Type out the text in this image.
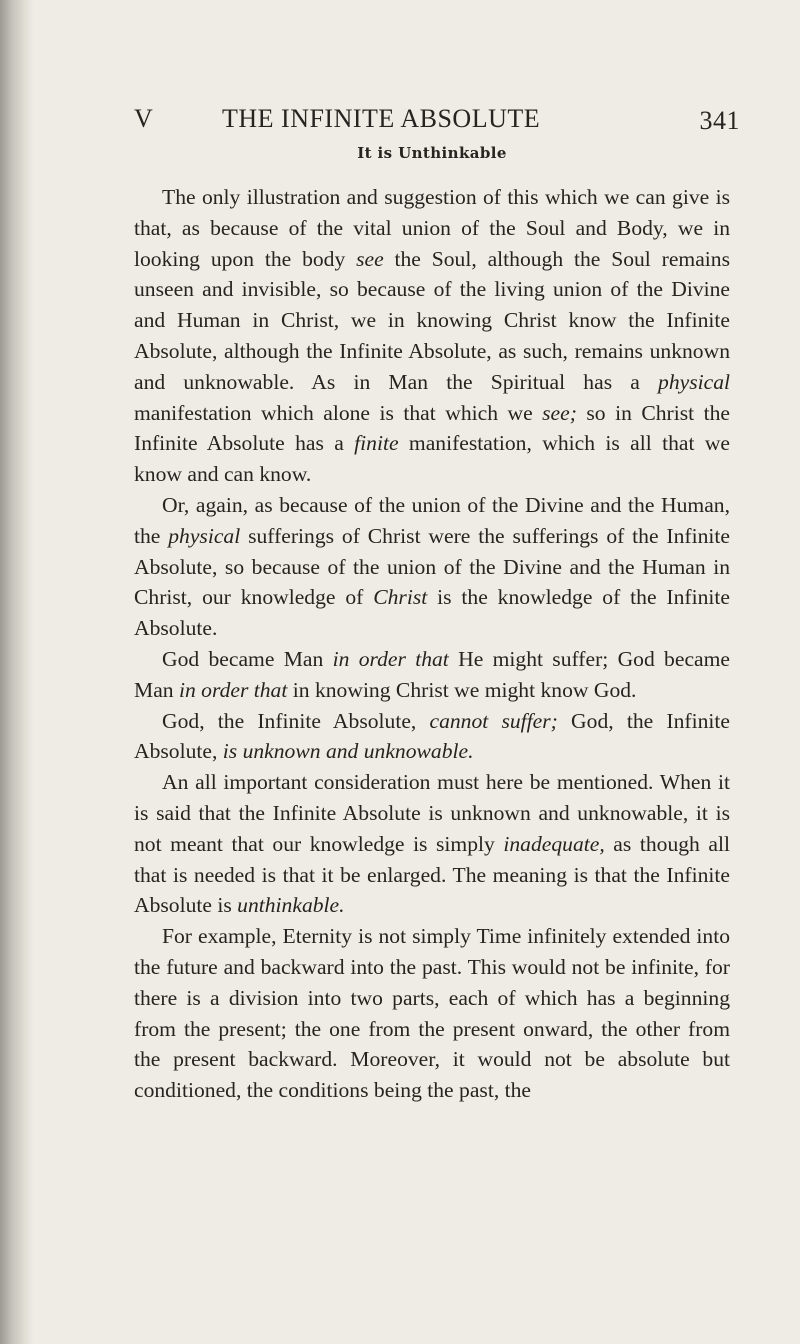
V	THE INFINITE ABSOLUTE	341
It is Unthinkable

The only illustration and suggestion of this which we can give is that, as because of the vital union of the Soul and Body, we in looking upon the body see the Soul, although the Soul remains unseen and invisible, so because of the living union of the Divine and Human in Christ, we in knowing Christ know the Infinite Absolute, although the Infinite Absolute, as such, remains unknown and unknowable. As in Man the Spiritual has a physical manifestation which alone is that which we see; so in Christ the Infinite Absolute has a finite manifestation, which is all that we know and can know.

Or, again, as because of the union of the Divine and the Human, the physical sufferings of Christ were the sufferings of the Infinite Absolute, so because of the union of the Divine and the Human in Christ, our knowledge of Christ is the knowledge of the Infinite Absolute.

God became Man in order that He might suffer; God became Man in order that in knowing Christ we might know God.

God, the Infinite Absolute, cannot suffer; God, the Infinite Absolute, is unknown and unknowable.

An all important consideration must here be mentioned. When it is said that the Infinite Absolute is unknown and unknowable, it is not meant that our knowledge is simply inadequate, as though all that is needed is that it be enlarged. The meaning is that the Infinite Absolute is unthinkable.

For example, Eternity is not simply Time infinitely extended into the future and backward into the past. This would not be infinite, for there is a division into two parts, each of which has a beginning from the present; the one from the present onward, the other from the present backward. Moreover, it would not be absolute but conditioned, the conditions being the past, the
